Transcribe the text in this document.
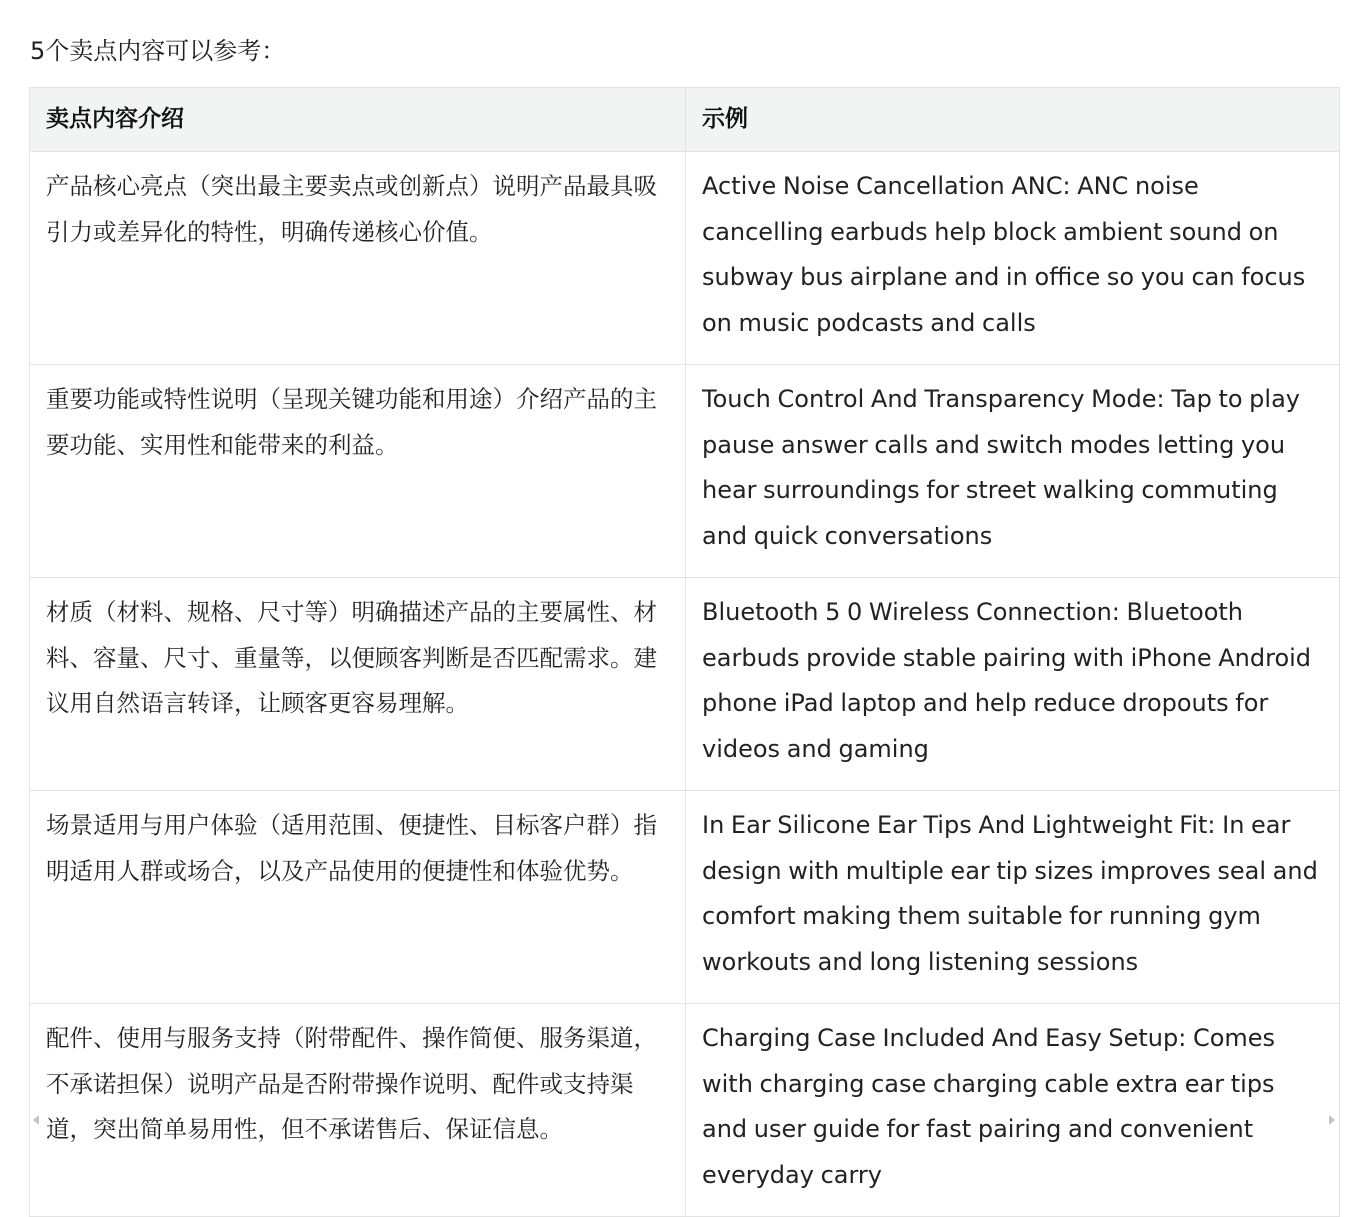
5个卖点内容可以参考：
卖点内容介绍	示例
产品核心亮点（突出最主要卖点或创新点）说明产品最具吸引力或差异化的特性，明确传递核心价值。	Active Noise Cancellation ANC: ANC noise cancelling earbuds help block ambient sound on subway bus airplane and in office so you can focus on music podcasts and calls
重要功能或特性说明（呈现关键功能和用途）介绍产品的主要功能、实用性和能带来的利益。	Touch Control And Transparency Mode: Tap to play pause answer calls and switch modes letting you hear surroundings for street walking commuting and quick conversations
材质（材料、规格、尺寸等）明确描述产品的主要属性、材料、容量、尺寸、重量等，以便顾客判断是否匹配需求。建议用自然语言转译，让顾客更容易理解。	Bluetooth 5 0 Wireless Connection: Bluetooth earbuds provide stable pairing with iPhone Android phone iPad laptop and help reduce dropouts for videos and gaming
场景适用与用户体验（适用范围、便捷性、目标客户群）指明适用人群或场合，以及产品使用的便捷性和体验优势。	In Ear Silicone Ear Tips And Lightweight Fit: In ear design with multiple ear tip sizes improves seal and comfort making them suitable for running gym workouts and long listening sessions
配件、使用与服务支持（附带配件、操作简便、服务渠道，不承诺担保）说明产品是否附带操作说明、配件或支持渠道，突出简单易用性，但不承诺售后、保证信息。	Charging Case Included And Easy Setup: Comes with charging case charging cable extra ear tips and user guide for fast pairing and convenient everyday carry
